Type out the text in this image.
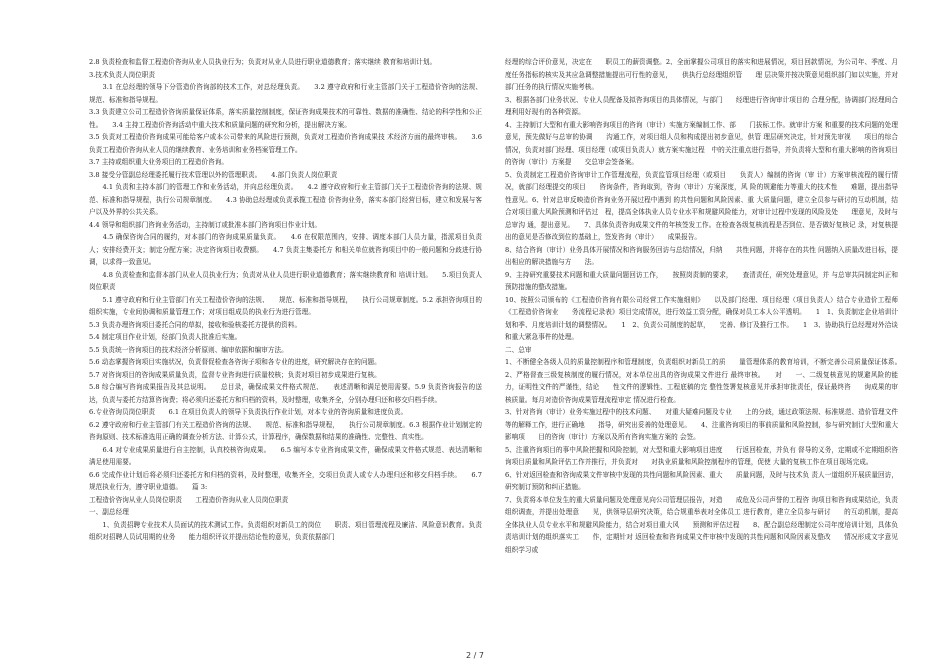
2.8 负责检查和监督工程造价咨询从业人员执业行为；负责对从业人员进行职业道德教育；落实继续 教育和培训计划。

3.技术负责人岗位职责

　　3.1 在总经理的领导下分管造价咨询部的技术工作，对总经理负责。　　3.2 遵守政府和行业主管部门关于工程造价咨询的法规、规范、标准和指导规程。

3.3 负责建立公司工程造价咨询质量保证体系，落实质量控制制度，保证咨询成果技术的可靠性、数据的准确性、结论的科学性和公正性。　　3.4 主持工程造价咨询活动中重大技术和质量问题的研究和分析，提出解决方案。

3.5 负责对工程造价咨询成果可能给客户或本公司带来的风险进行预测，负责对工程造价咨询成果技 术经济方面的最终审核。　　3.6 负责工程造价咨询从业人员的继续教育、业务培训和业务档案管理工作。

3.7 主持或组织重大业务项目的工程造价咨询。

3.8 接受分管副总经理委托履行技术管理以外的管理职责。　　4.部门负责人岗位职责

　　4.1 负责和主持本部门的管理工作和业务活动，并向总经理负责。　　4.2 遵守政府和行业主管部门关于工程造价咨询的法规、规范、标准和指导规程，执行公司规章制度。　　4.3 协助总经理或负责承揽工程造 价咨询业务，落实本部门经营目标，建立和发展与客户以及外界的公共关系。

4.4 领导和组织部门咨询业务活动，主持制订或批准本部门咨询项目作业计划。

　　4.5 确保咨询合同的履约，对本部门的咨询成果质量负责。　　4.6 在权限范围内，安排、调度本部门人员力量，指派项目负责人；安排经费开支；制定分配方案；决定咨询项目收费额。　　4.7 负责主集委托方 和相关单位就咨询项目中的一般问题和分歧进行协调，以求得一致意见。

　　4.8 负责检查和监督本部门从业人员执业行为；负责对从业人员进行职业道德教育；落实继续教育和 培训计划。　　5.项目负责人岗位职责

　　5.1 遵守政府和行业主管部门有关工程造价咨询的法规、　　规范、标准和指导规程，　　执行公司规章制度。5.2 承担咨询项目的组织实施，专业间协调和质量管理工作；对项目组成员的执业行为进行管理。

5.3 负责办理咨询项目委托合同的草拟，接收和验核委托方提供的资料。

5.4 制定项目作业计划，经部门负责人批准后实施。

5.5 负责统一咨询项目的技术经济分析原则、编审依据和编审方法。

5.6 动态掌握咨询项目实施状况，负责督促检查各咨询子项和各专业的进度，研究解决存在的问题。

5.7 对咨询项目的咨询成果质量负责，监督专业咨询进行质量校核；负责对项目初步成果进行复核。

5.8 综合编写咨询成果报告及其总说明。　　总目录，确保成果文件格式规范、　　表述清晰和满足使用需要。5.9 负责咨询报告的送达，负责与委托方结算咨询费；将必须归还委托方和归档的资料，及时整理，收集齐全，分别办理归还和移交归档手续。

6.专业咨询员岗位职责　　6.1 在项目负责人的领导下负责执行作业计划，对本专业的咨询质量和进度负责。

6.2 遵守政府和行业主管部门有关工程造价咨询的法规、　　规范、标准和指导规程，　　执行公司规章制度。6.3 根据作业计划制定的咨询原则、技术标准选用正确的调查分析方法、计算公式，计算程序，确保数据和结果的准确性、完整性、真实性。

　　6.4 对专业成果质量进行自主控制，认真校核咨询成果。　　6.5 编写本专业咨询成果文件，确保成果文件格式规范、表达清晰和满足使用需要。

6.6 完成作业计划后将必须归还委托方和归档的资料，及时整理，收集齐全，交项目负责人或专人办理归还和移交归档手续。　　6.7 规范执业行为，遵守职业道德。　　篇 3:

工程造价咨询从业人员岗位职责　　工程造价咨询从业人员岗位职责

一、副总经理

　　1、负责招聘专业技术人员面试的技术测试工作。负责组织对新员工的岗位　　职责、项目管理流程及廉洁、风险意识教育。负责组织对招聘人员试用期的业务　　能力组织评议并提出结论性的意见，负责依据部门

经理的综合评价意见，决定在　　职员工的薪资调整。2、全面掌握公司项目的落实和进展情况，项目回款情况，为公司年、季度、月度任务指标的核实及其应急调整措施提出可行性的意见，　　供执行总经理组织管　　理 层决策并按决策意见组织部门如以实施，并对部门任务的执行情况实施考核。

3、根据各部门业务状况、专业人员配备及拟咨询项目的具体情况，与部门　　经理进行咨询审计项目的 合理分配，协调部门经理间合理利用好现有的各种资源。

4、主持制订大型和有重大影响咨询项目的咨询（审计）实施方案编制工作、部　　门拔标工作。就审计方案 和重要的技术问题的处理意见，预先做好与总审的协调　　沟通工作，对项目组人员和构成提出初步意见，供管 理层研究决定，针对预先审视　　项目的综合情况，负责对部门经理、项目经理（或项目负责人）就方案实施过程　中的关注重点进行指导，并负责将大型和有重大影响的咨询项目的咨询（审计）方案提　　交总审会签备案。

5、负责制定工程造价咨询审计工作管理流程，负责监管项目经理（或项目　　负责人）编制的咨询（审 计）方案审核流程的履行情况，就部门经理提交的项目　　咨询条件，咨询取到，咨询（审计）方案深度，风 险的规避能力等重大的技术性　　难题，提出指导性意见。6、针对总审反映造价咨询业务开展过程中遇到 的共性问题和风险因素、重 大质量问题，建立全员参与研讨的互动机制，结合对项目重大风险预测和评估过　程，提高全体执业人员专业水平和规避风险能力，对审计过程中发现的风险及处　　理意见，及时与总审沟 通，提出意见。　　7、具体负责咨询成果文件的年核签发工作。在检查各级复核流程是否到位、是否做好复核记 录，对复核提出的意见是否修改到位的基础上，签发咨询（审计）　　成果报告。

8、结合咨询（审计）业务具体开展情况和咨询服务回访与总结情况，归纳　　共性问题，并将存在的共性 问题纳入质量改进目标，提出相应的解决措施与方　　法。

9、主持研究重要技术问题和重大质量问题回访工作，　　按照岗责制的要求，　　查清责任，研究处理意见，并 与总审共同制定纠正和预防措施的整改措施。

10、按照公司颁布的《工程造价咨询有限公司经营工作实施细则》　　以及部门经理、项目经理（项目负责人）结合专业造价工程师《工程造价咨询业　　务流程记录表》项目完成情况，进行效益工资分配，确保对员工本人公平透明。　　1　1、负责制定企业培训计划和季、月度培训计划的调整情况。　　1　2、负责公司制度的起草，　　完善、修订及推行工作。　　1　3、协助执行总经理对外洽谈和重大紧急事件的处理。

二、总审

1、不断健全各级人员的质量控制程序和管理制度，负责组织对新员工的质　　量管理体系的教育培训，不断完善公司质量保证体系。　　2、严格督查三级复核制度的履行情况，对本单位出具的咨询成果文件进行 最终审核。　　对　　一、二级复核意见的规避风险的能力，证明性文件的严谨性，结论　　性文件的逻辑性、工程底稿的完 整性签署复核意见并承担审批责任，保证最终咨　　询成果的审核质量。每月对造价咨询成果管理流程审定 情况进行检查。

3、针对咨询（审计）业务实施过程中的技术问题、　　对重大疑难问题及专业　　上的分歧，通过政策法规、标准规范、造价管理文件等的解释工作，进行正确地　　指导，研究出妥善的处理意见。　　4、注重咨询项目的事前质量和风险控制，参与研究制订大型和重大影响项　　目的咨询（审计）方案以及所有咨询实施方案的 会签。

5、注重咨询项目的事中风险把握和风险控制，对大型和重大影响项目进度　　行返回检查，并负有 督导的义务，定期或不定期组织咨询项目质量和风险评估工作并推行，并负责对　　对执业质量和风险控制程序的管理，促使 大量的复核工作在项目现场完成。

6、针对返回检查和咨询成果文件审核中发现的共性问题和风险因素、重大　　质量问题，及时与技术负 责人一道组织开展质量回访，研究制订预防和纠正措施。

7、负责将本单位发生的重大质量问题及处理意见向公司管理层报告，对造　　成危及公司声誉的工程咨 询项目和咨询成果结论，负责组织调查，并提出处理意　　见，供领导层研究决策，给合规重举表对全体员工 进行教育，建立全员参与研讨　　的互动机制，提高全体执业人员专业水平和规避风险能力，结合对项目重大风　　预测和评估过程　　8、配合副总经理制定公司年度培训计划，具体负责培训计划的组织落实工　　作，定期针对 返回检查和咨询成果文件审核中发现的共性问题和风险因素及整改　　情况形成文字意见组织学习或

2 / 7
